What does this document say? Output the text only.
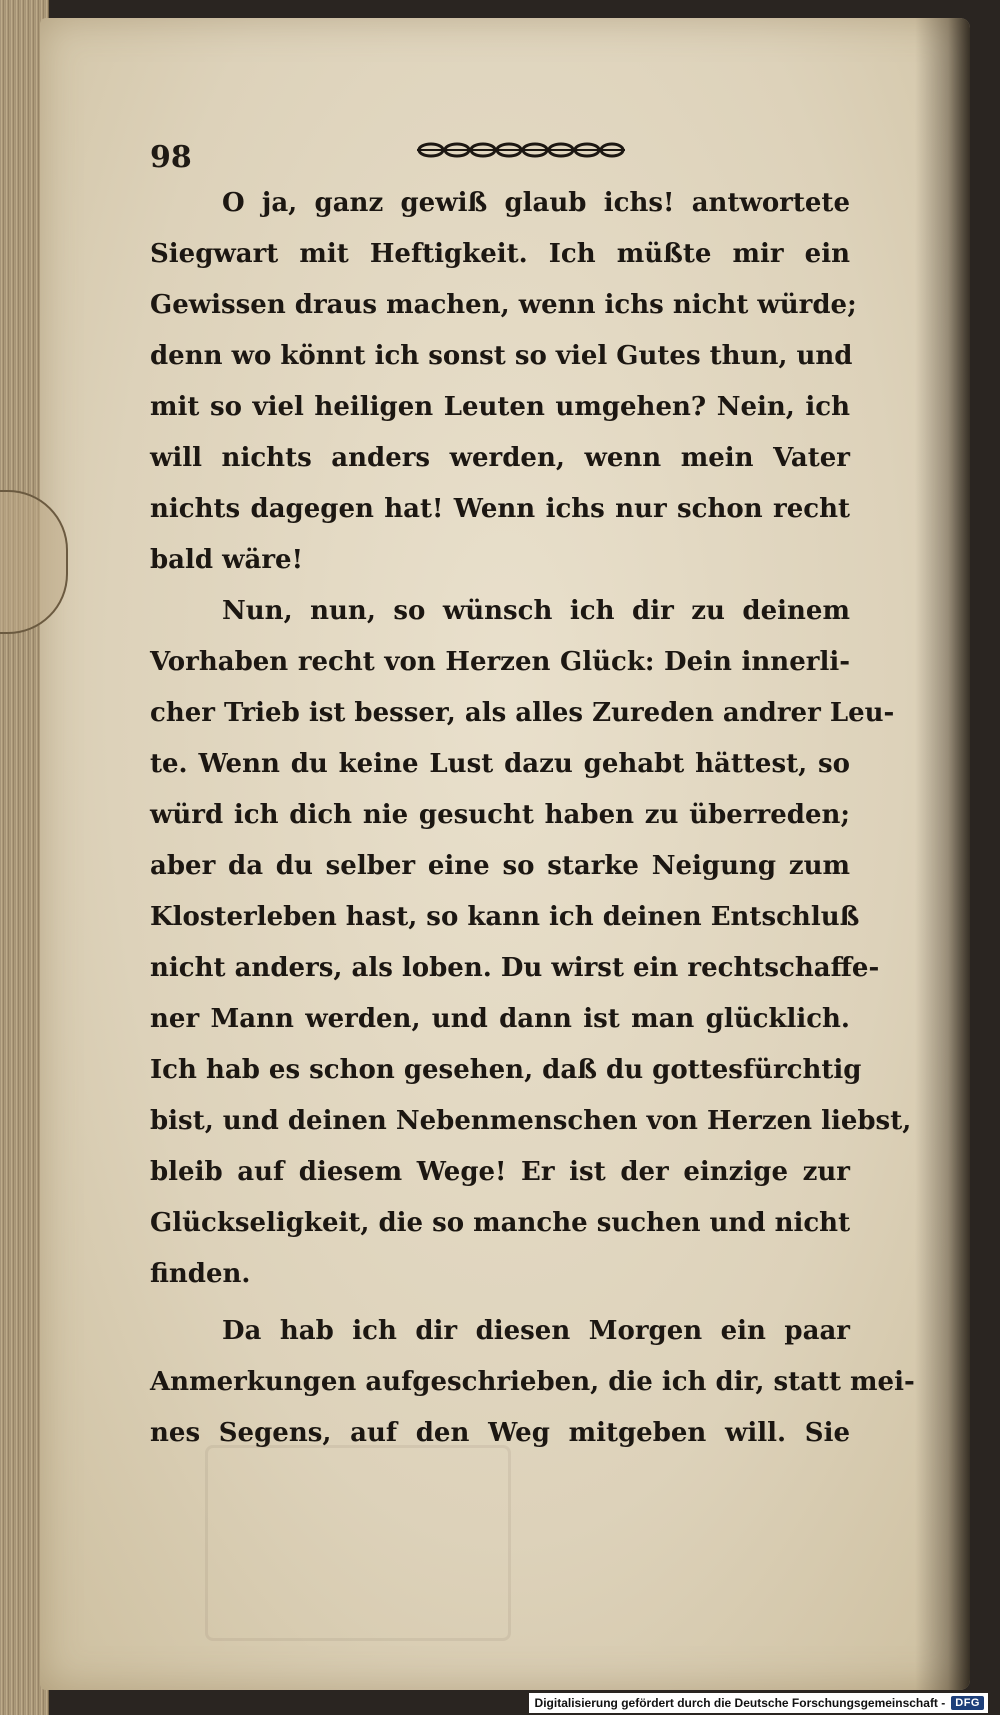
98
O ja, ganz gewiß glaub ichs! antwortete
Siegwart mit Heftigkeit. Ich müßte mir ein
Gewissen draus machen, wenn ichs nicht würde;
denn wo könnt ich sonst so viel Gutes thun, und
mit so viel heiligen Leuten umgehen? Nein, ich
will nichts anders werden, wenn mein Vater
nichts dagegen hat! Wenn ichs nur schon recht
bald wäre!
Nun, nun, so wünsch ich dir zu deinem
Vorhaben recht von Herzen Glück: Dein innerli-
cher Trieb ist besser, als alles Zureden andrer Leu-
te. Wenn du keine Lust dazu gehabt hättest, so
würd ich dich nie gesucht haben zu überreden;
aber da du selber eine so starke Neigung zum
Klosterleben hast, so kann ich deinen Entschluß
nicht anders, als loben. Du wirst ein rechtschaffe-
ner Mann werden, und dann ist man glücklich.
Ich hab es schon gesehen, daß du gottesfürchtig
bist, und deinen Nebenmenschen von Herzen liebst,
bleib auf diesem Wege! Er ist der einzige zur
Glückseligkeit, die so manche suchen und nicht
finden.
Da hab ich dir diesen Morgen ein paar
Anmerkungen aufgeschrieben, die ich dir, statt mei-
nes Segens, auf den Weg mitgeben will. Sie
Digitalisierung gefördert durch die Deutsche Forschungsgemeinschaft - DFG
